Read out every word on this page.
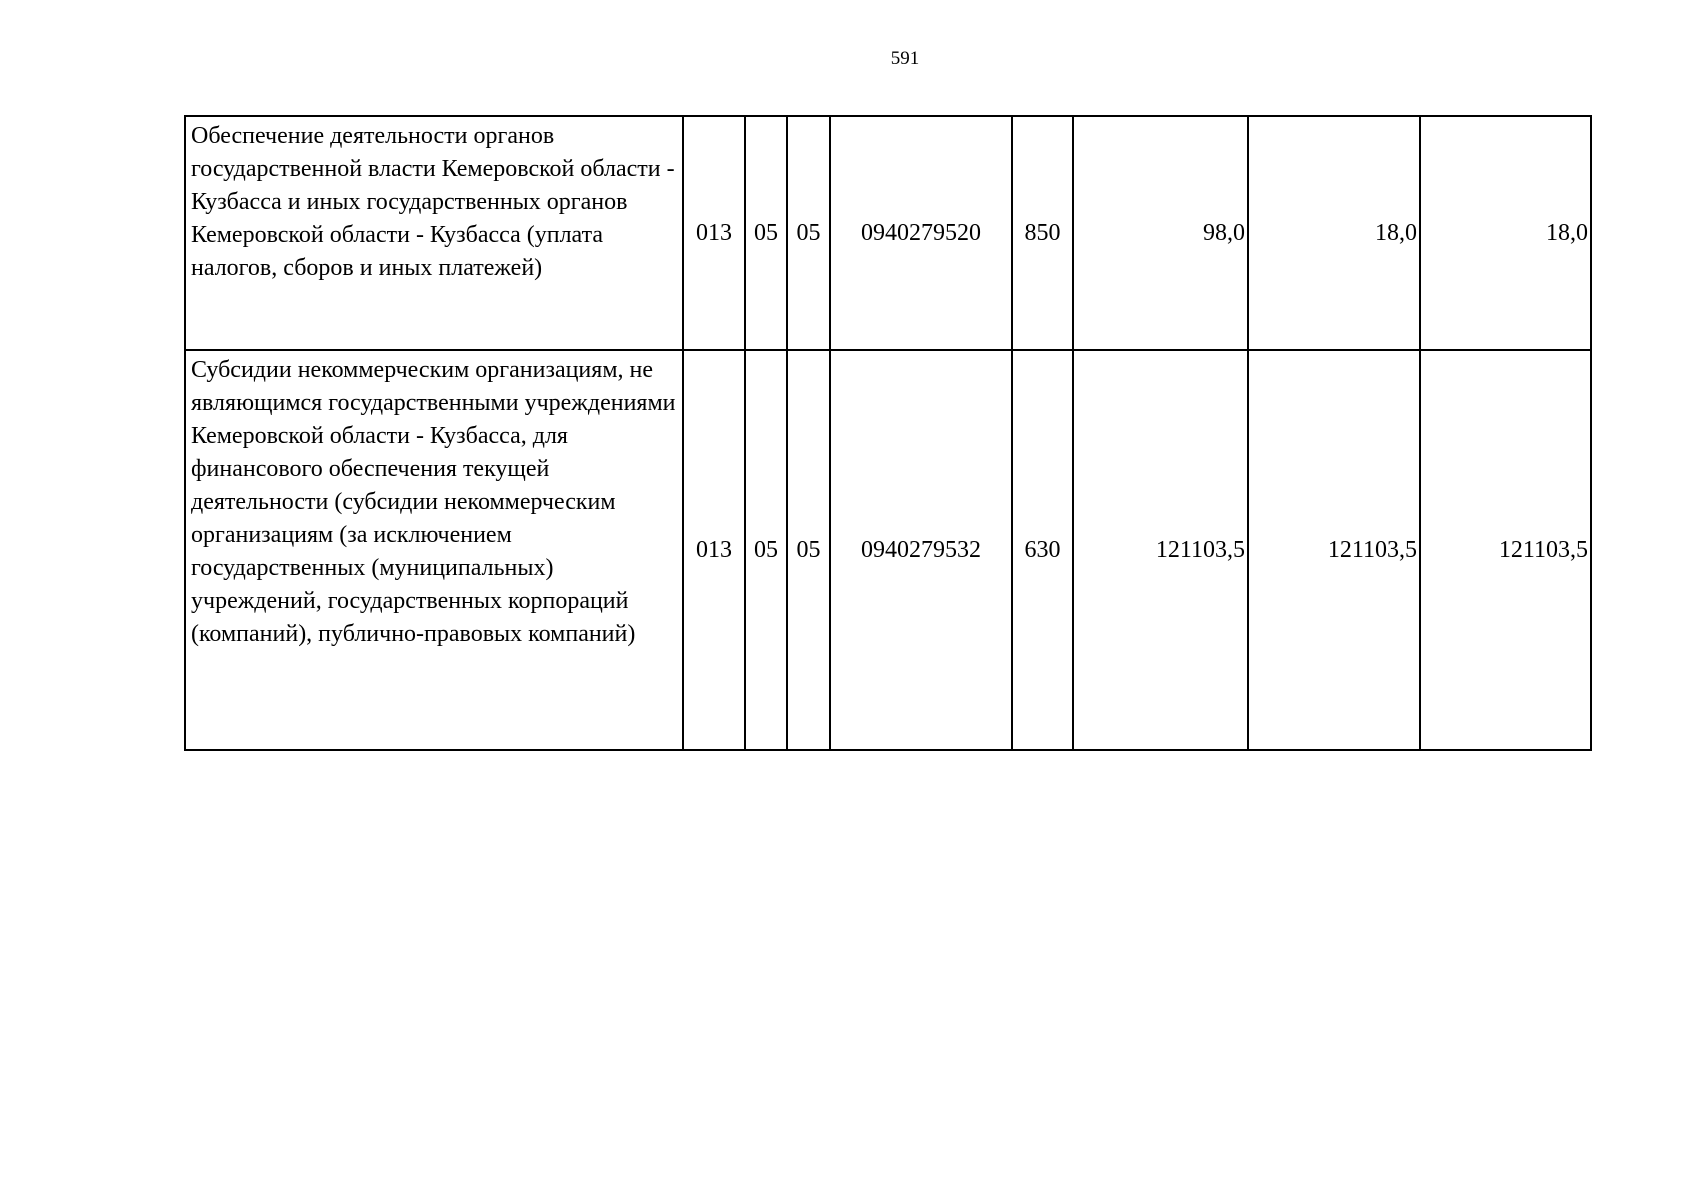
591
Обеспечение деятельности органов государственной власти Кемеровской области - Кузбасса и иных государственных органов Кемеровской области - Кузбасса (уплата налогов, сборов и иных платежей)	013	05	05	0940279520	850	98,0	18,0	18,0
Субсидии некоммерческим организациям, не являющимся государственными учреждениями Кемеровской области - Кузбасса, для финансового обеспечения текущей деятельности (субсидии некоммерческим организациям (за исключением государственных (муниципальных) учреждений, государственных корпораций (компаний), публично-правовых компаний)	013	05	05	0940279532	630	121103,5	121103,5	121103,5
